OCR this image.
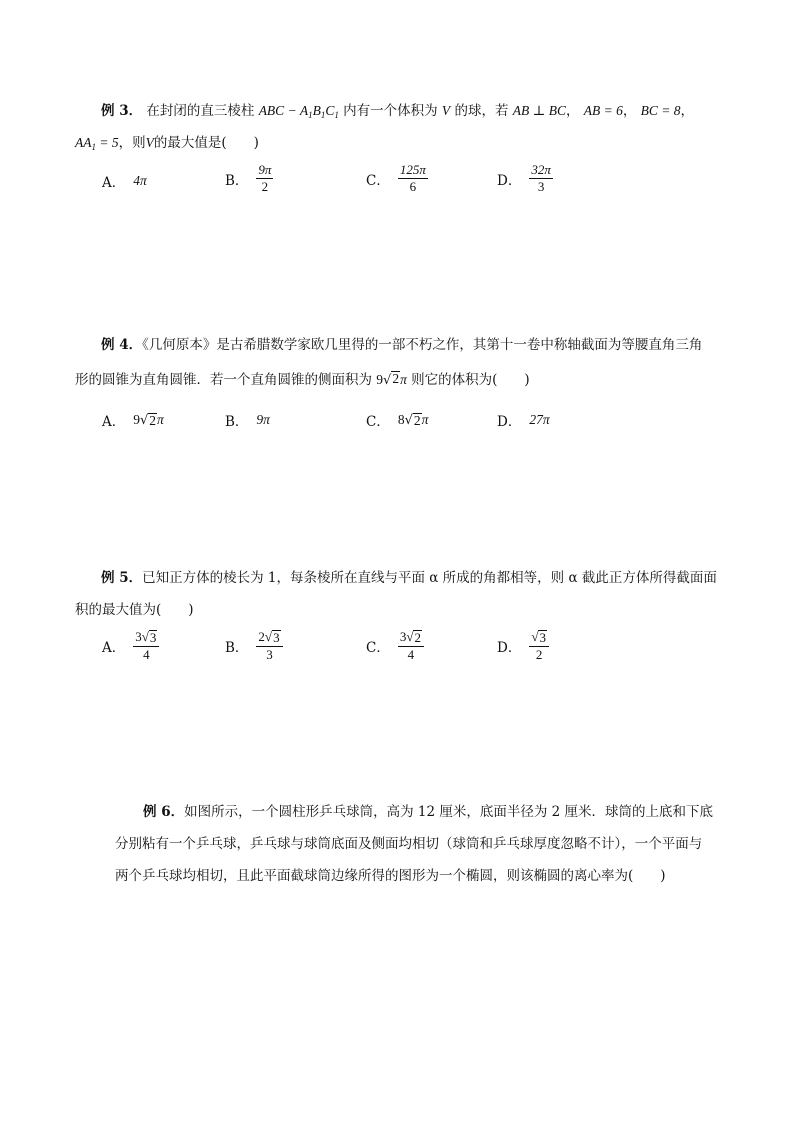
例 3． 在封闭的直三棱柱 ABC − $A_1B_1C_1$ 内有一个体积为 V 的球，若 AB ⊥ BC， AB = 6， BC = 8，
$AA_1 = 5$，则V的最大值是(　　)
A． 4π	B． $\frac{9\pi}{2}$	C． $\frac{125\pi}{6}$	D． $\frac{32\pi}{3}$
例 4．《几何原本》是古希腊数学家欧几里得的一部不朽之作，其第十一卷中称轴截面为等腰直角三角
形的圆锥为直角圆锥．若一个直角圆锥的侧面积为 9 √ 2 π 则它的体积为(　　)
A． 9 √ 2 π	B． 9π	C． 8 √ 2 π	D． 27π
例 5．已知正方体的棱长为 1，每条棱所在直线与平面 α 所成的角都相等，则 α 截此正方体所得截面面
积的最大值为(　　)
A． $\frac{3 √ 3}{4}$	B． $\frac{2 √ 3}{3}$	C． $\frac{3 √ 2}{4}$	D． $\frac{√ 3}{2}$
例 6．如图所示，一个圆柱形乒乓球筒，高为 12 厘米，底面半径为 2 厘米．球筒的上底和下底
分别粘有一个乒乓球，乒乓球与球筒底面及侧面均相切（球筒和乒乓球厚度忽略不计），一个平面与
两个乒乓球均相切，且此平面截球筒边缘所得的图形为一个椭圆，则该椭圆的离心率为(　　)
